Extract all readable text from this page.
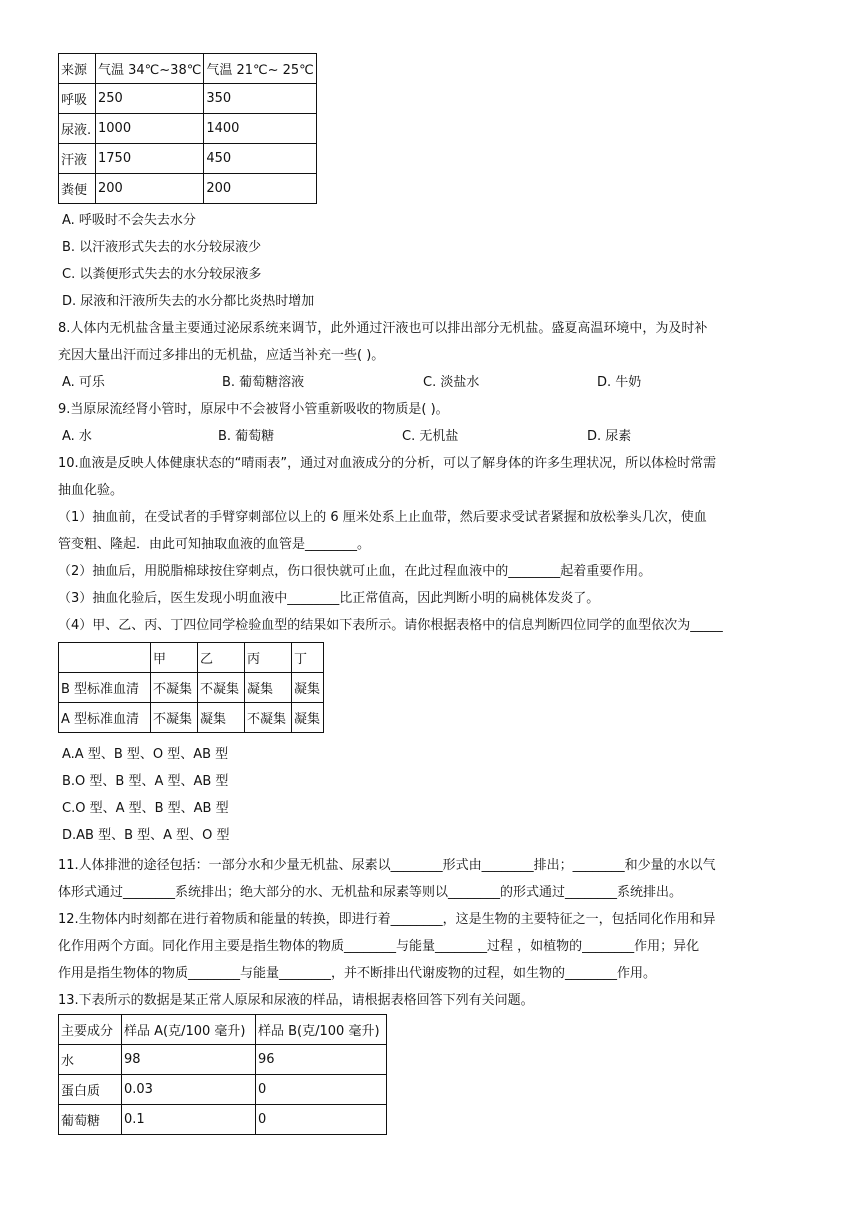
来源	气温 34℃~38℃	气温 21℃~ 25℃
呼吸	250	350
尿液.	1000	1400
汗液	1750	450
粪便	200	200
A. 呼吸时不会失去水分
B. 以汗液形式失去的水分较尿液少
C. 以粪便形式失去的水分较尿液多
D. 尿液和汗液所失去的水分都比炎热时增加
8.人体内无机盐含量主要通过泌尿系统来调节，此外通过汗液也可以排出部分无机盐。盛夏高温环境中，为及时补
充因大量出汗而过多排出的无机盐，应适当补充一些( )。
A. 可乐	B. 葡萄糖溶液	C. 淡盐水	D. 牛奶
9.当原尿流经肾小管时，原尿中不会被肾小管重新吸收的物质是( )。
A. 水	B. 葡萄糖	C. 无机盐	D. 尿素
10.血液是反映人体健康状态的“晴雨表”，通过对血液成分的分析，可以了解身体的许多生理状况，所以体检时常需
抽血化验。
（1）抽血前，在受试者的手臂穿刺部位以上的 6 厘米处系上止血带，然后要求受试者紧握和放松拳头几次，使血
管变粗、隆起．由此可知抽取血液的血管是________。
（2）抽血后，用脱脂棉球按住穿刺点，伤口很快就可止血，在此过程血液中的________起着重要作用。
（3）抽血化验后，医生发现小明血液中________比正常值高，因此判断小明的扁桃体发炎了。
（4）甲、乙、丙、丁四位同学检验血型的结果如下表所示。请你根据表格中的信息判断四位同学的血型依次为_____
	甲	乙	丙	丁
B 型标准血清	不凝集	不凝集	凝集	凝集
A 型标准血清	不凝集	凝集	不凝集	凝集
A.A 型、B 型、O 型、AB 型
B.O 型、B 型、A 型、AB 型
C.O 型、A 型、B 型、AB 型
D.AB 型、B 型、A 型、O 型
11.人体排泄的途径包括：一部分水和少量无机盐、尿素以________形式由________排出；________和少量的水以气
体形式通过________系统排出；绝大部分的水、无机盐和尿素等则以________的形式通过________系统排出。
12.生物体内时刻都在进行着物质和能量的转换，即进行着________，这是生物的主要特征之一，包括同化作用和异
化作用两个方面。同化作用主要是指生物体的物质________与能量________过程 ，如植物的________作用；异化
作用是指生物体的物质________与能量________，并不断排出代谢废物的过程，如生物的________作用。
13.下表所示的数据是某正常人原尿和尿液的样品，请根据表格回答下列有关问题。
主要成分	样品 A(克/100 毫升)	样品 B(克/100 毫升)
水	98	96
蛋白质	0.03	0
葡萄糖	0.1	0
